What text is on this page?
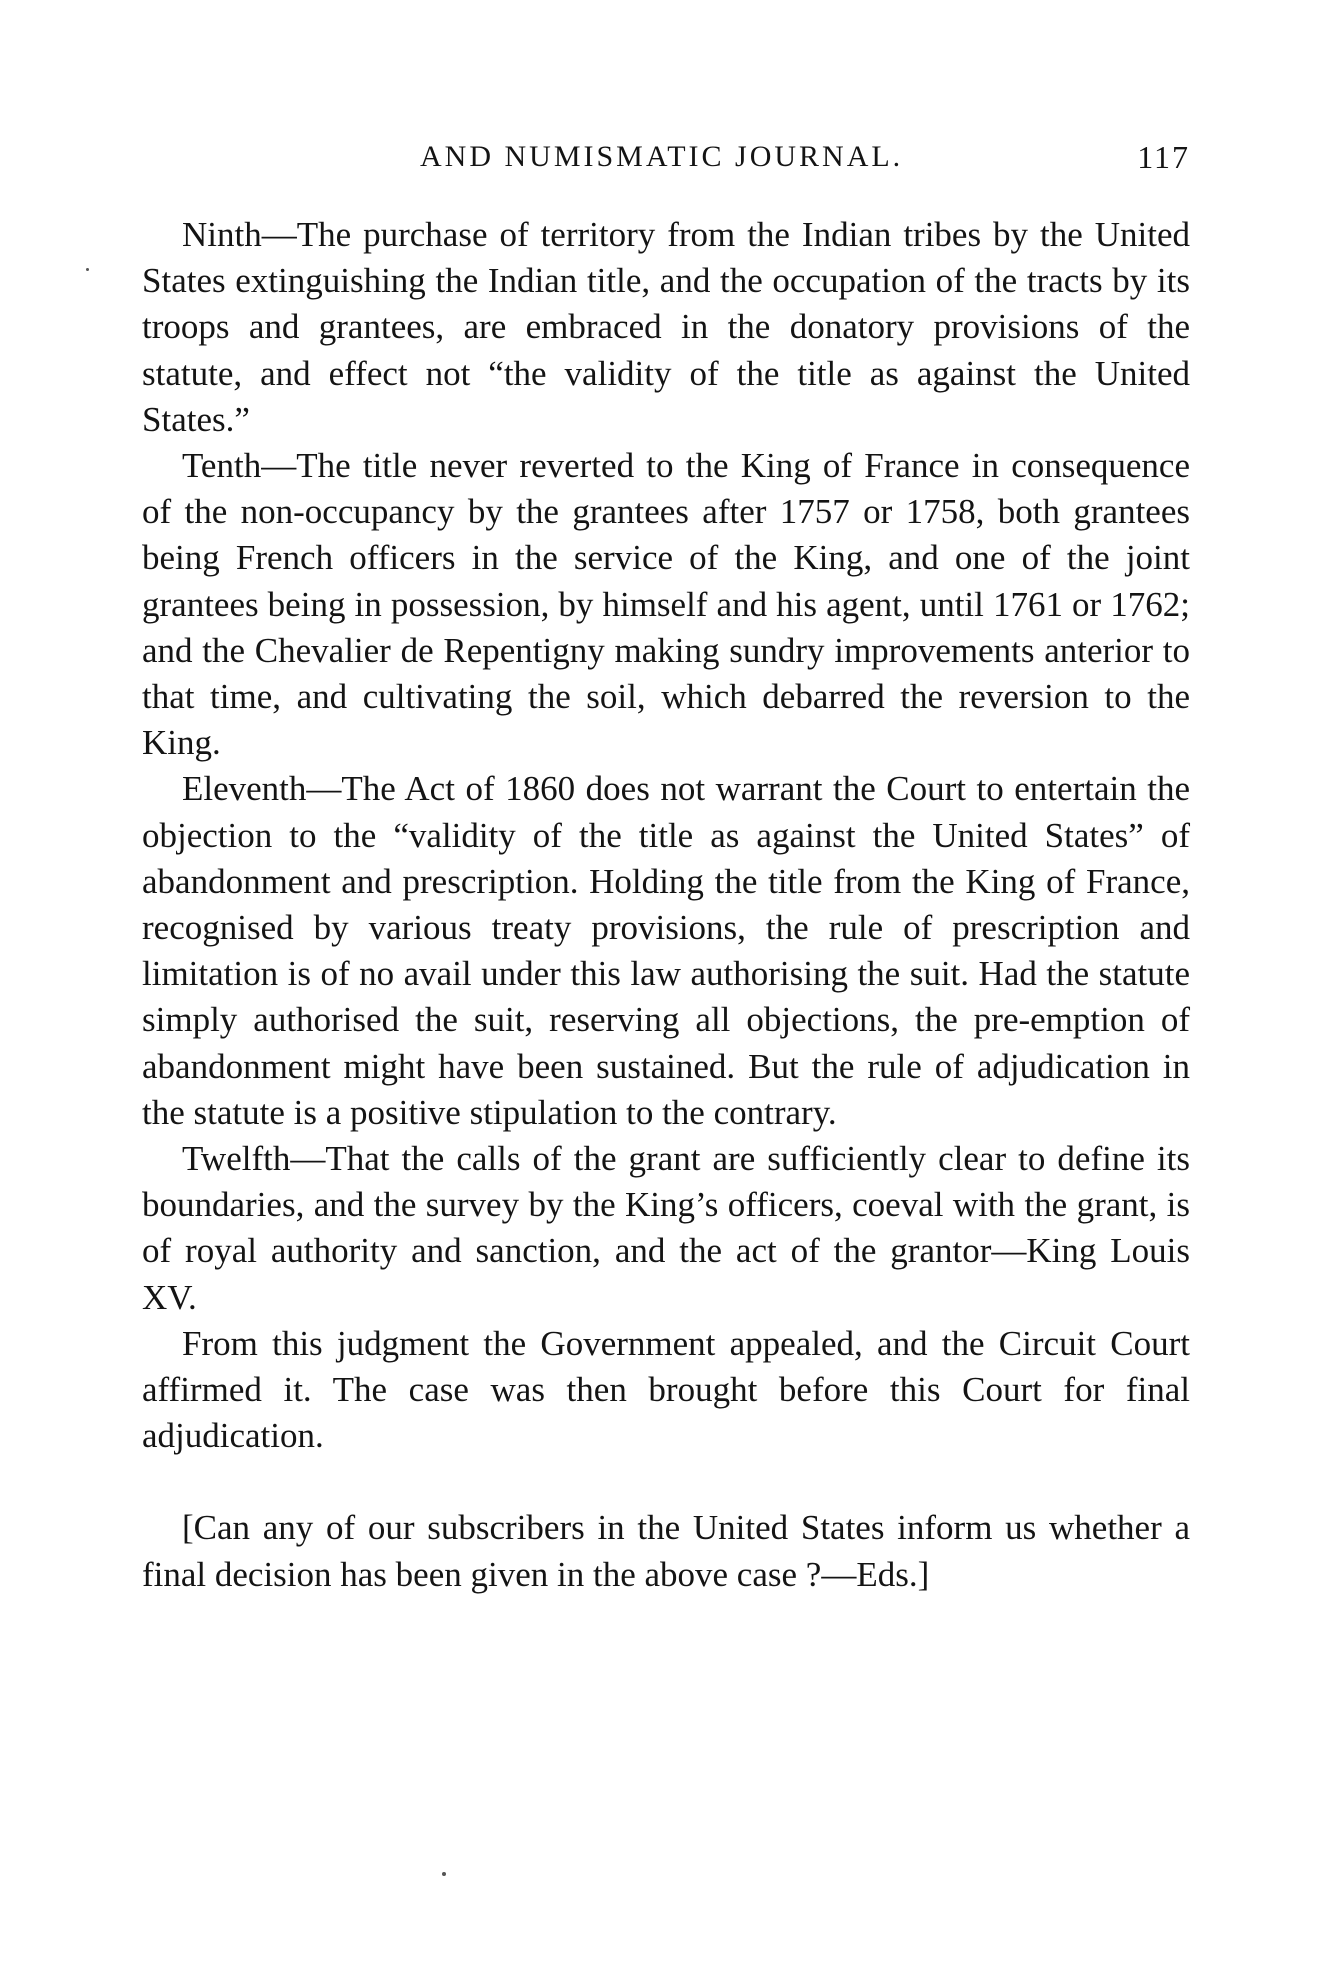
AND NUMISMATIC JOURNAL.	117

Ninth—The purchase of territory from the Indian tribes by the United States extinguishing the Indian title, and the occupation of the tracts by its troops and grantees, are embraced in the donatory provisions of the statute, and effect not “the validity of the title as against the United States.”

Tenth—The title never reverted to the King of France in consequence of the non-occupancy by the grantees after 1757 or 1758, both grantees being French officers in the service of the King, and one of the joint grantees being in possession, by himself and his agent, until 1761 or 1762; and the Chevalier de Repentigny making sundry improvements anterior to that time, and cultivating the soil, which debarred the reversion to the King.

Eleventh—The Act of 1860 does not warrant the Court to entertain the objection to the “validity of the title as against the United States” of abandonment and prescription. Holding the title from the King of France, recognised by various treaty provisions, the rule of prescription and limitation is of no avail under this law authorising the suit. Had the statute simply authorised the suit, reserving all objections, the pre-emption of abandonment might have been sustained. But the rule of adjudication in the statute is a positive stipulation to the contrary.

Twelfth—That the calls of the grant are sufficiently clear to define its boundaries, and the survey by the King’s officers, coeval with the grant, is of royal authority and sanction, and the act of the grantor—King Louis XV.

From this judgment the Government appealed, and the Circuit Court affirmed it. The case was then brought before this Court for final adjudication.

[Can any of our subscribers in the United States inform us whether a final decision has been given in the above case ?—Eds.]
